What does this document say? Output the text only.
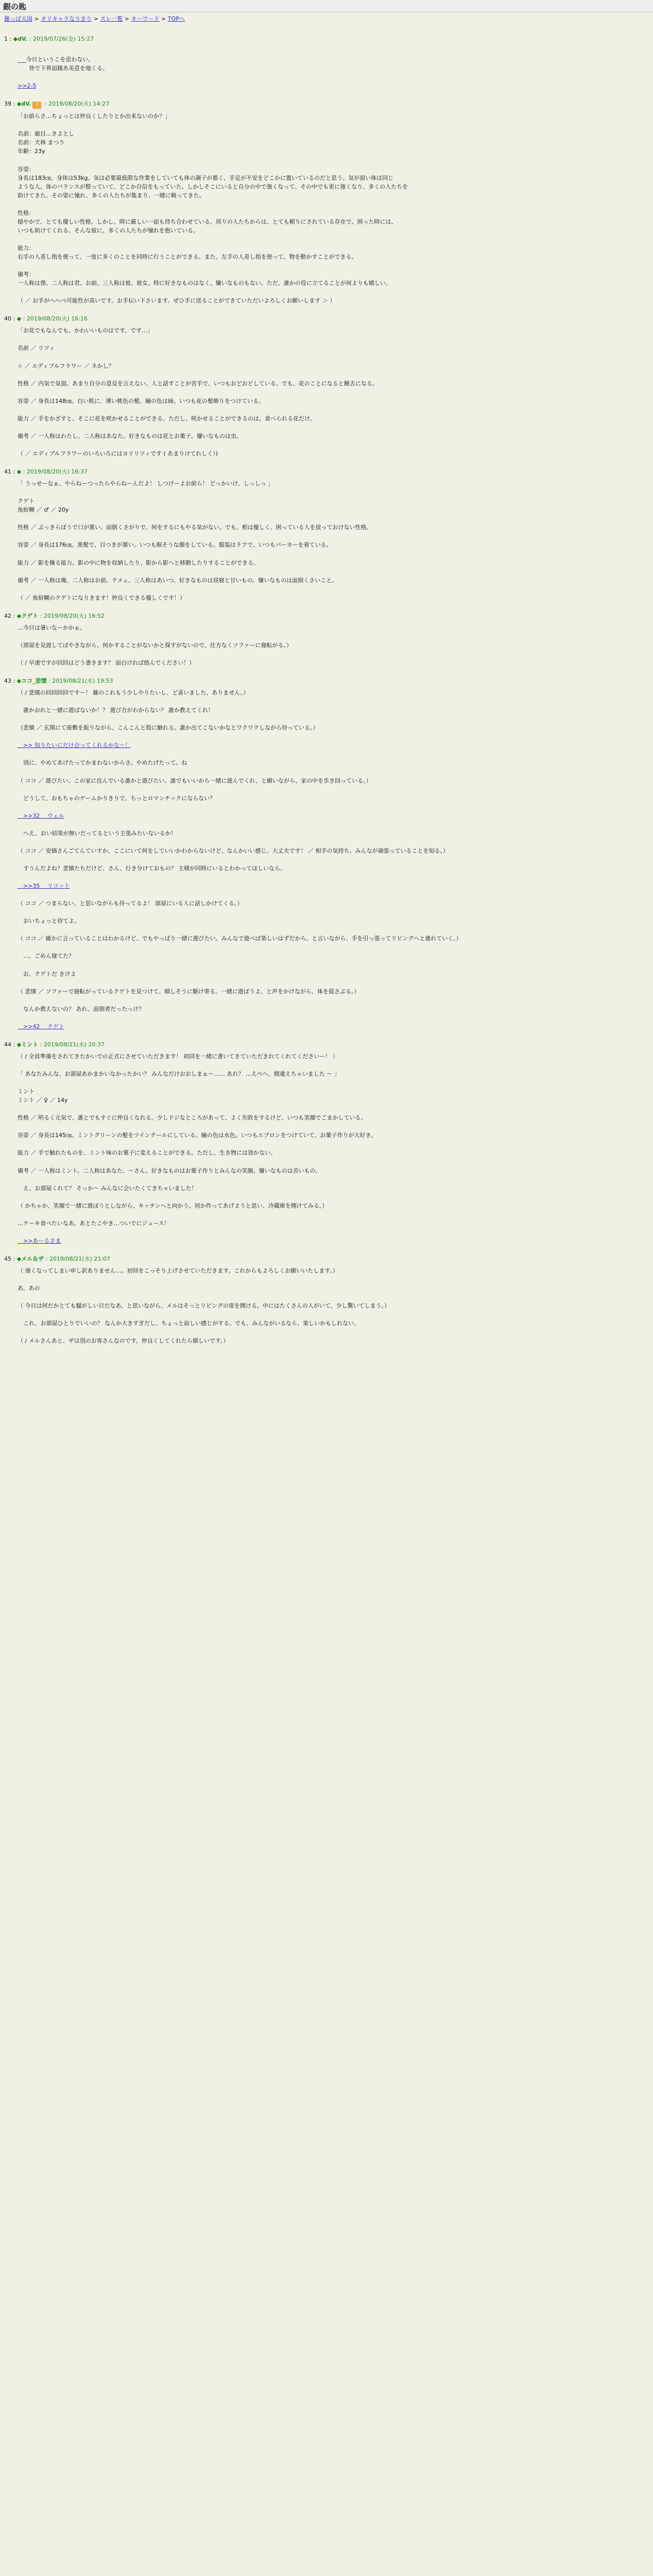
銀の匙
雑っぽ天国 > オリキャラなりきり > スレ一覧 > キーワード > TOPへ
1 : ◆dV. : 2019/07/26(金) 15:27

___今日というこを思わない。
　　皆で下界面鏡あ美意を地くる。

>>2-5
39 : ◆dV. 主 : 2019/08/20(火) 14:27
「お前らさ…ちょっとは仲良くしたりとか出来ないのか？」

名前：鹿目…きよとし
名前：犬林 まつり
年齢：23y

容姿：
身長は183㎝、身体は53kg。気は必要最低限な作業をしていても体の調子が悪く、手足が不安をどこかに置いているのだと思う。気が弱い体は同じ
ような人。体のバランスが整っていて、どこか自信をもっていた。しかしそこにいると自分の中で強くなって、その中でも更に強くなり、多くの人たちを
助けてきた。その姿に憧れ、多くの人たちが集まり、一緒に戦ってきた。

性格：
穏やかで、とても優しい性格。しかし、時に厳しい一面も持ち合わせている。周りの人たちからは、とても頼りにされている存在で、困った時には、
いつも助けてくれる。そんな彼に、多くの人たちが憧れを抱いている。

能力：
右手の人差し指を使って、一度に多くのことを同時に行うことができる。また、左手の人差し指を使って、物を動かすことができる。

備考：
一人称は僕。二人称は君、お前。三人称は彼、彼女。特に好きなものはなく、嫌いなものもない。ただ、誰かの役に立てることが何よりも嬉しい。

（ ／ お手がへへべ可能性が高いです。お手伝い下さいます。ぜひ手に送ることができていただいよろしくお願いします ＞ ）
40 : ◆ : 2019/08/20(火) 16:16
「お花でもなんでも、かわいいものはです。です…」

名前 ／ リツィ

☆ ／ エディブルフラワー ／ ネかし？

性格 ／ 内気で気弱。あまり自分の意見を言えない。人と話すことが苦手で、いつもおどおどしている。でも、花のことになると饒舌になる。

容姿 ／ 身長は148㎝。白い肌に、薄い桃色の髪。瞳の色は緑。いつも花の髪飾りをつけている。

能力 ／ 手をかざすと、そこに花を咲かせることができる。ただし、咲かせることができるのは、食べられる花だけ。

備考 ／ 一人称はわたし。二人称はあなた。好きなものは花とお菓子。嫌いなものは虫。

（ ／ エディブルフラワーのいろいろにはヨリリツィです ( あまりけてれしく）)
41 : ◆ : 2019/08/20(火) 16:37
「 うっせーなぁ、やらねーつったらやらねーんだよ！ しつけーよお前ら！ どっかいけ、しっしっ 」

クゲト
角紛糊 ／ ♂ ／ 20y

性格 ／ ぶっきらぼうで口が悪い。面倒くさがりで、何をするにもやる気がない。でも、根は優しく、困っている人を放っておけない性格。

容姿 ／ 身長は176㎝。黒髪で、目つきが悪い。いつも眠そうな顔をしている。服装はラフで、いつもパーカーを着ている。

能力 ／ 影を操る能力。影の中に物を収納したり、影から影へと移動したりすることができる。

備考 ／ 一人称は俺。二人称はお前、テメェ。三人称はあいつ。好きなものは昼寝と甘いもの。嫌いなものは面倒くさいこと。

（ ／ 角紛糊のクゲトになりきます！仲良くできる優しくです！）
42 : ◆クゲト : 2019/08/20(火) 16:52
…今日は暑いなーかかぁ。

（部屋を見渡してぼやきながら、何かすることがないかと探すがないので、仕方なくソファーに寝転がる。）

（ / 早速ですが回回はどう書きます？ 面白ければ絡んでください！）
43 : ◆ココ_悲憤 : 2019/08/21(水) 19:53
（ / 悲憤の回回回回です〜！ 雑のこれもう少しやりたいし、ど喜いました、ありません。）

　誰かおれと一緒に遊ばないか！？ 遊び方がわからない？ 誰か教えてくれ！

（悲憤 ／ 玄関にて座敷を振りながら、こんこんと殻に触れる。誰か出てこないかなとワクワクしながら待っている。）

　>> 知りたいにだけ合ってくれるかな〜！

　別に、やめてあげたってかまわないからさ。やめたげたって。ね

（ ココ ／ 遊びたい、この家に住んでいる誰かと遊びたい。誰でもいいから一緒に遊んでくれ、と願いながら、家の中を歩き回っている。）

　どうして、おもちゃのゲームかりきりで、ちっとロマンチックにならない？

　>>32 　ウェル

　へえ、おい結果が無いだってるという主張みたいないるか！

（ ココ ／ 安価さんごてんていすか、ここにいて何をしていいかわからないけど、なんかいい感じ。大丈夫です！ ／ 相手の気持ち、みんなが頑張っていることを知る。）

　すうんだよね？悲憤たちだけど、さん、行き分けておもの？ 主様が同時にいるとわかってほしいなら。

　>>35 　リコット

（ ココ ／ つまらない、と思いながらも待ってるよ！ 部屋にいる人に話しかけてくる。）

　おいちょっと待てよ。

（ ココ ／ 確かに言っていることはわかるけど、でもやっぱり一緒に遊びたい。みんなで遊べば楽しいはずだから。と言いながら、手を引っ張ってリビングへと連れていく。）

　…、ごめん寝てた？

　お、クゲトだ きけよ

（ 悲憤 ／ ソファーで寝転がっているクゲトを見つけて、嬉しそうに駆け寄る。一緒に遊ぼうよ、と声をかけながら、体を揺さぶる。）

　なんか教えないの？ あれ、面倒者だったっけ？

　>>42 　クゲト
44 : ◆ミント : 2019/08/21(水) 20:37
（ / 全員準備をされてきたかいでの正式にさせていただきます！ 初回を一緒に書いてきていただきれてくれてくださいー！ ）

「 あなたみんな、お部屋あかまかいなかったかい？ みんなだけおおしまぁ〜…… あれ？ …えぺへ、間違えちゃいました 〜 」

ミント
ミント ／ ♀ ／ 14y

性格 ／ 明るく元気で、誰とでもすぐに仲良くなれる。少しドジなところがあって、よく失敗をするけど、いつも笑顔でごまかしている。

容姿 ／ 身長は145㎝。ミントグリーンの髪をツインテールにしている。瞳の色は水色。いつもエプロンをつけていて、お菓子作りが大好き。

能力 ／ 手で触れたものを、ミント味のお菓子に変えることができる。ただし、生き物には効かない。

備考 ／ 一人称はミント。二人称はあなた、〜さん。好きなものはお菓子作りとみんなの笑顔。嫌いなものは苦いもの。

　え、お部屋くれて？ そっか〜 みんなに会いたくてきちゃいました！

（ かちゃか、笑顔で一緒に遊ぼうとしながら、キッチンへと向かう。何か作ってあげようと思い、冷蔵庫を開けてみる。）

…ケーキ食べたいなあ。あとたこやき…ついでにジュース！

　>>あーるさま
45 : ◆メル＆ザ : 2019/08/21(水) 21:07
（ 遅くなってしまい申し訳ありません…。初回をこっそり上げさせていただきます。これからもよろしくお願いいたします。）

あ、あの

（ 今日は何だかとても騒がしい日だなあ、と思いながら、メルはそっとリビングの扉を開ける。中にはたくさんの人がいて、少し驚いてしまう。）

　これ、お部屋ひとりでいいの？ なんか大きすぎだし、ちょっと寂しい感じがする。でも、みんながいるなら、楽しいかもしれない。

（ / メルさんあと、ザは別のお客さんなのです。仲良くしてくれたら嬉しいです。）
